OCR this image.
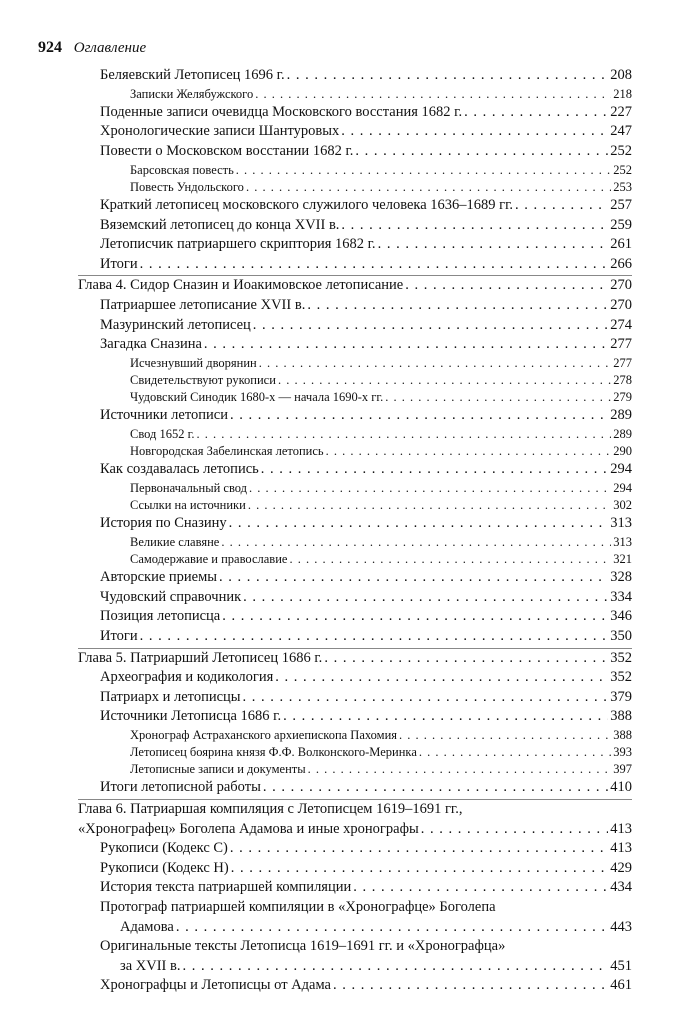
924 Оглавление
Беляевский Летописец 1696 г. . . .	208
Записки Желябужского . . .	218
Поденные записи очевидца Московского восстания 1682 г. . . .	227
Хронологические записи Шантуровых . . .	247
Повести о Московском восстании 1682 г. . . .	252
Барсовская повесть . . .	252
Повесть Ундольского . . .	253
Краткий летописец московского служилого человека 1636–1689 гг. . . .	257
Вяземский летописец до конца XVII в. . . .	259
Летописчик патриаршего скриптория 1682 г. . . .	261
Итоги . . .	266
Глава 4. Сидор Сназин и Иоакимовское летописание . . .	270
Патриаршее летописание XVII в. . . .	270
Мазуринский летописец . . .	274
Загадка Сназина . . .	277
Исчезнувший дворянин . . .	277
Свидетельствуют рукописи . . .	278
Чудовский Синодик 1680-х — начала 1690-х гг. . . .	279
Источники летописи . . .	289
Свод 1652 г. . . .	289
Новгородская Забелинская летопись . . .	290
Как создавалась летопись . . .	294
Первоначальный свод . . .	294
Ссылки на источники . . .	302
История по Сназину . . .	313
Великие славяне . . .	313
Самодержавие и православие . . .	321
Авторские приемы . . .	328
Чудовский справочник . . .	334
Позиция летописца . . .	346
Итоги . . .	350
Глава 5. Патриарший Летописец 1686 г. . . .	352
Археография и кодикология . . .	352
Патриарх и летописцы . . .	379
Источники Летописца 1686 г. . . .	388
Хронограф Астраханского архиепископа Пахомия . . .	388
Летописец боярина князя Ф.Ф. Волконского-Меринка . . .	393
Летописные записи и документы . . .	397
Итоги летописной работы . . .	410
Глава 6. Патриаршая компиляция с Летописцем 1619–1691 гг.,
«Хронографец» Боголепа Адамова и иные хронографы . . .	413
Рукописи (Кодекс С) . . .	413
Рукописи (Кодекс Н) . . .	429
История текста патриаршей компиляции . . .	434
Протограф патриаршей компиляции в «Хронографце» Боголепа
Адамова . . .	443
Оригинальные тексты Летописца 1619–1691 гг. и «Хронографца»
за XVII в. . . .	451
Хронографцы и Летописцы от Адама . . .	461
